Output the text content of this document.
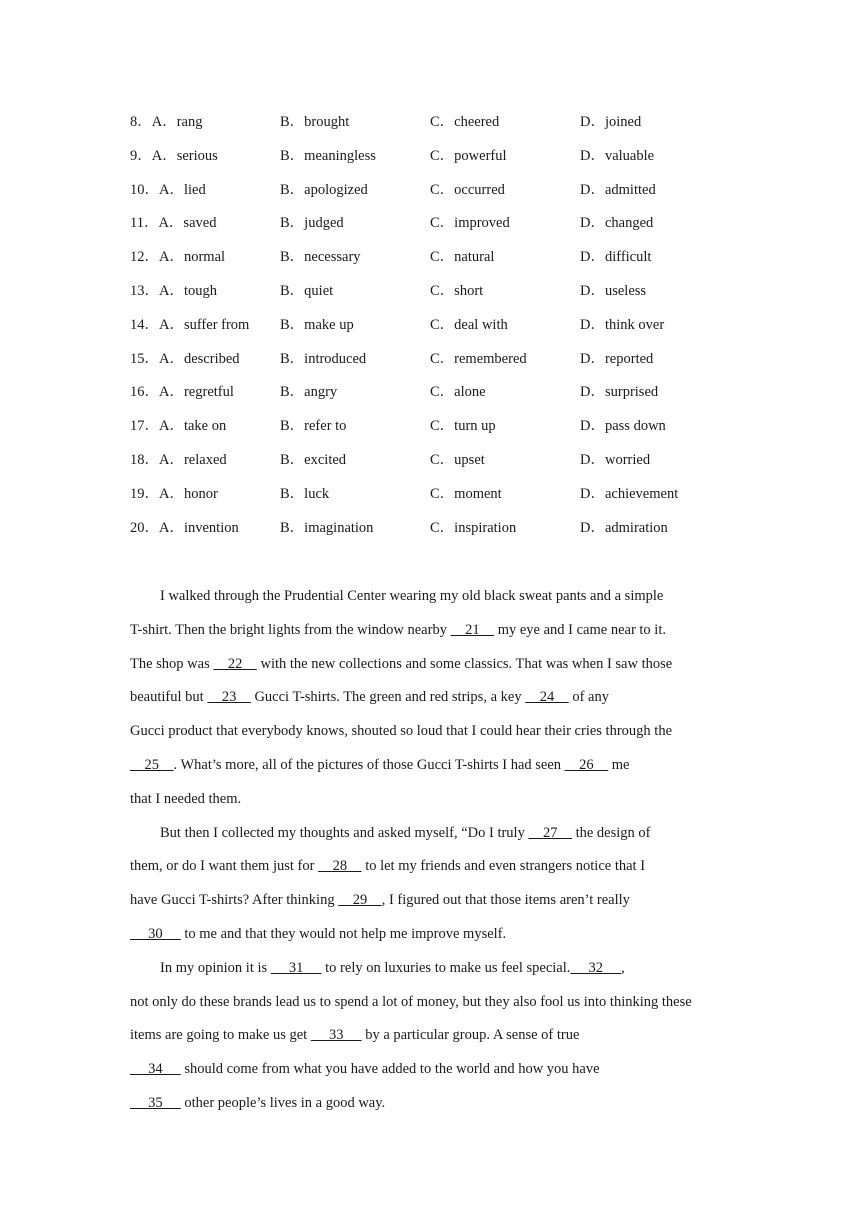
8．A．rang	B．brought	C．cheered	D．joined
9．A．serious	B．meaningless	C．powerful	D．valuable
10．A．lied	B．apologized	C．occurred	D．admitted
11．A．saved	B．judged	C．improved	D．changed
12．A．normal	B．necessary	C．natural	D．difficult
13．A．tough	B．quiet	C．short	D．useless
14．A．suffer from B．make up	C．deal with	D．think over
15．A．described	B．introduced	C．remembered	D．reported
16．A．regretful	B．angry	C．alone	D．surprised
17．A．take on	B．refer to	C．turn up	D．pass down
18．A．relaxed	B．excited	C．upset	D．worried
19．A．honor	B．luck	C．moment	D．achievement
20．A．invention	B．imagination	C．inspiration	D．admiration

I walked through the Prudential Center wearing my old black sweat pants and a simple

T-shirt. Then the bright lights from the window nearby     21     my eye and I came near to it.

The shop was     22     with the new collections and some classics. That was when I saw those

beautiful but     23     Gucci T-shirts. The green and red strips, a key     24     of any

Gucci product that everybody knows, shouted so loud that I could hear their cries through the

25    . What’s more, all of the pictures of those Gucci T-shirts I had seen     26     me

that I needed them.

But then I collected my thoughts and asked myself, “Do I truly     27     the design of

them, or do I want them just for     28     to let my friends and even strangers notice that I

have Gucci T-shirts? After thinking     29    , I figured out that those items aren’t really

30      to me and that they would not help me improve myself.

In my opinion it is      31      to rely on luxuries to make us feel special.     32     ,

not only do these brands lead us to spend a lot of money, but they also fool us into thinking these

items are going to make us get      33      by a particular group. A sense of true

34      should come from what you have added to the world and how you have

35      other people’s lives in a good way.
